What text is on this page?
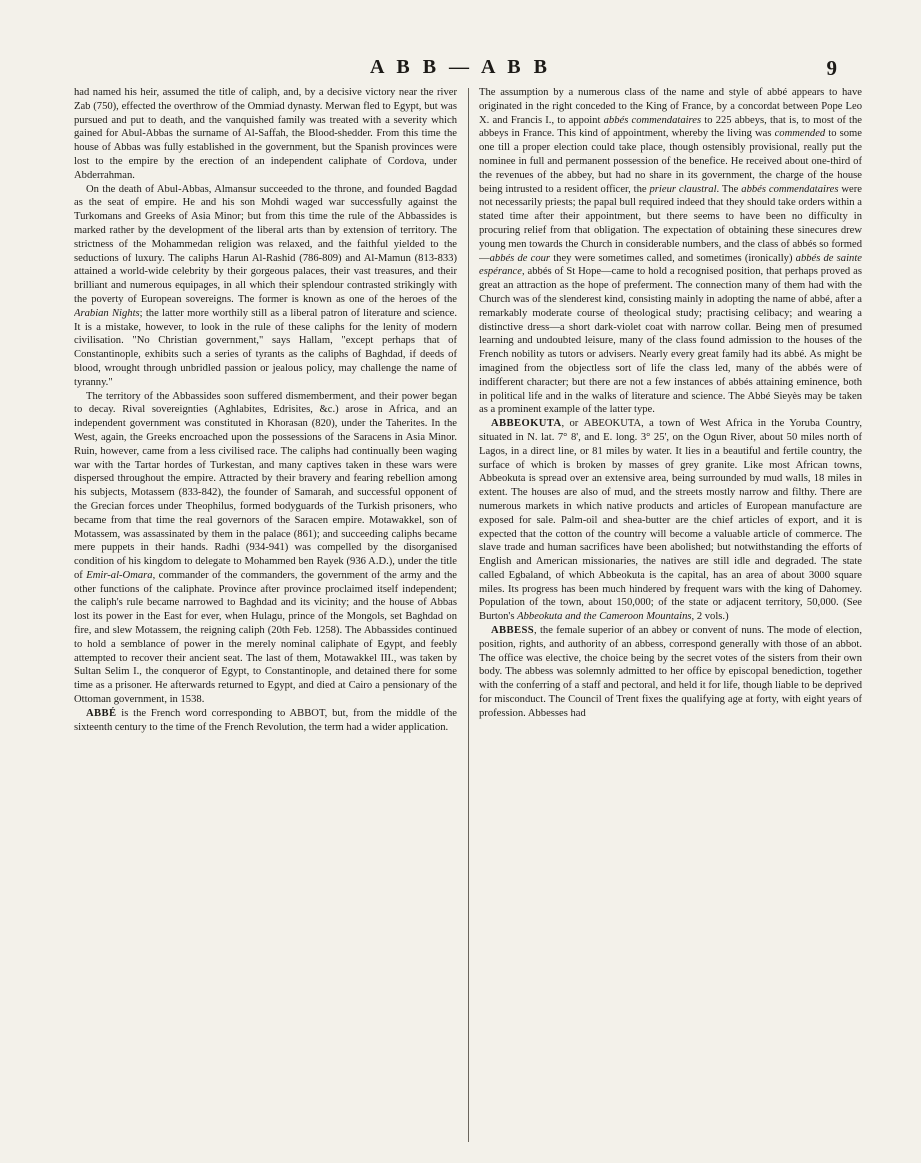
A B B — A B B	9

had named his heir, assumed the title of caliph, and, by a decisive victory near the river Zab (750), effected the overthrow of the Ommiad dynasty. Merwan fled to Egypt, but was pursued and put to death, and the vanquished family was treated with a severity which gained for Abul-Abbas the surname of Al-Saffah, the Blood-shedder. From this time the house of Abbas was fully established in the government, but the Spanish provinces were lost to the empire by the erection of an independent caliphate of Cordova, under Abderrahman.

On the death of Abul-Abbas, Almansur succeeded to the throne, and founded Bagdad as the seat of empire. He and his son Mohdi waged war successfully against the Turkomans and Greeks of Asia Minor; but from this time the rule of the Abbassides is marked rather by the development of the liberal arts than by extension of territory. The strictness of the Mohammedan religion was relaxed, and the faithful yielded to the seductions of luxury. The caliphs Harun Al-Rashid (786-809) and Al-Mamun (813-833) attained a world-wide celebrity by their gorgeous palaces, their vast treasures, and their brilliant and numerous equipages, in all which their splendour contrasted strikingly with the poverty of European sovereigns. The former is known as one of the heroes of the Arabian Nights; the latter more worthily still as a liberal patron of literature and science. It is a mistake, however, to look in the rule of these caliphs for the lenity of modern civilisation. "No Christian government," says Hallam, "except perhaps that of Constantinople, exhibits such a series of tyrants as the caliphs of Baghdad, if deeds of blood, wrought through unbridled passion or jealous policy, may challenge the name of tyranny."

The territory of the Abbassides soon suffered dismemberment, and their power began to decay. Rival sovereignties (Aghlabites, Edrisites, &c.) arose in Africa, and an independent government was constituted in Khorasan (820), under the Taherites. In the West, again, the Greeks encroached upon the possessions of the Saracens in Asia Minor. Ruin, however, came from a less civilised race. The caliphs had continually been waging war with the Tartar hordes of Turkestan, and many captives taken in these wars were dispersed throughout the empire. Attracted by their bravery and fearing rebellion among his subjects, Motassem (833-842), the founder of Samarah, and successful opponent of the Grecian forces under Theophilus, formed bodyguards of the Turkish prisoners, who became from that time the real governors of the Saracen empire. Motawakkel, son of Motassem, was assassinated by them in the palace (861); and succeeding caliphs became mere puppets in their hands. Radhi (934-941) was compelled by the disorganised condition of his kingdom to delegate to Mohammed ben Rayek (936 A.D.), under the title of Emir-al-Omara, commander of the commanders, the government of the army and the other functions of the caliphate. Province after province proclaimed itself independent; the caliph's rule became narrowed to Baghdad and its vicinity; and the house of Abbas lost its power in the East for ever, when Hulagu, prince of the Mongols, set Baghdad on fire, and slew Motassem, the reigning caliph (20th Feb. 1258). The Abbassides continued to hold a semblance of power in the merely nominal caliphate of Egypt, and feebly attempted to recover their ancient seat. The last of them, Motawakkel III., was taken by Sultan Selim I., the conqueror of Egypt, to Constantinople, and detained there for some time as a prisoner. He afterwards returned to Egypt, and died at Cairo a pensionary of the Ottoman government, in 1538.

ABBÉ is the French word corresponding to ABBOT, but, from the middle of the sixteenth century to the time of the French Revolution, the term had a wider application.

The assumption by a numerous class of the name and style of abbé appears to have originated in the right conceded to the King of France, by a concordat between Pope Leo X. and Francis I., to appoint abbés commendataires to 225 abbeys, that is, to most of the abbeys in France. This kind of appointment, whereby the living was commended to some one till a proper election could take place, though ostensibly provisional, really put the nominee in full and permanent possession of the benefice. He received about one-third of the revenues of the abbey, but had no share in its government, the charge of the house being intrusted to a resident officer, the prieur claustral. The abbés commendataires were not necessarily priests; the papal bull required indeed that they should take orders within a stated time after their appointment, but there seems to have been no difficulty in procuring relief from that obligation. The expectation of obtaining these sinecures drew young men towards the Church in considerable numbers, and the class of abbés so formed—abbés de cour they were sometimes called, and sometimes (ironically) abbés de sainte espérance, abbés of St Hope—came to hold a recognised position, that perhaps proved as great an attraction as the hope of preferment. The connection many of them had with the Church was of the slenderest kind, consisting mainly in adopting the name of abbé, after a remarkably moderate course of theological study; practising celibacy; and wearing a distinctive dress—a short dark-violet coat with narrow collar. Being men of presumed learning and undoubted leisure, many of the class found admission to the houses of the French nobility as tutors or advisers. Nearly every great family had its abbé. As might be imagined from the objectless sort of life the class led, many of the abbés were of indifferent character; but there are not a few instances of abbés attaining eminence, both in political life and in the walks of literature and science. The Abbé Sieyès may be taken as a prominent example of the latter type.

ABBEOKUTA, or ABEOKUTA, a town of West Africa in the Yoruba Country, situated in N. lat. 7° 8', and E. long. 3° 25', on the Ogun River, about 50 miles north of Lagos, in a direct line, or 81 miles by water. It lies in a beautiful and fertile country, the surface of which is broken by masses of grey granite. Like most African towns, Abbeokuta is spread over an extensive area, being surrounded by mud walls, 18 miles in extent. The houses are also of mud, and the streets mostly narrow and filthy. There are numerous markets in which native products and articles of European manufacture are exposed for sale. Palm-oil and shea-butter are the chief articles of export, and it is expected that the cotton of the country will become a valuable article of commerce. The slave trade and human sacrifices have been abolished; but notwithstanding the efforts of English and American missionaries, the natives are still idle and degraded. The state called Egbaland, of which Abbeokuta is the capital, has an area of about 3000 square miles. Its progress has been much hindered by frequent wars with the king of Dahomey. Population of the town, about 150,000; of the state or adjacent territory, 50,000. (See Burton's Abbeokuta and the Cameroon Mountains, 2 vols.)

ABBESS, the female superior of an abbey or convent of nuns. The mode of election, position, rights, and authority of an abbess, correspond generally with those of an abbot. The office was elective, the choice being by the secret votes of the sisters from their own body. The abbess was solemnly admitted to her office by episcopal benediction, together with the conferring of a staff and pectoral, and held it for life, though liable to be deprived for misconduct. The Council of Trent fixes the qualifying age at forty, with eight years of profession. Abbesses had
